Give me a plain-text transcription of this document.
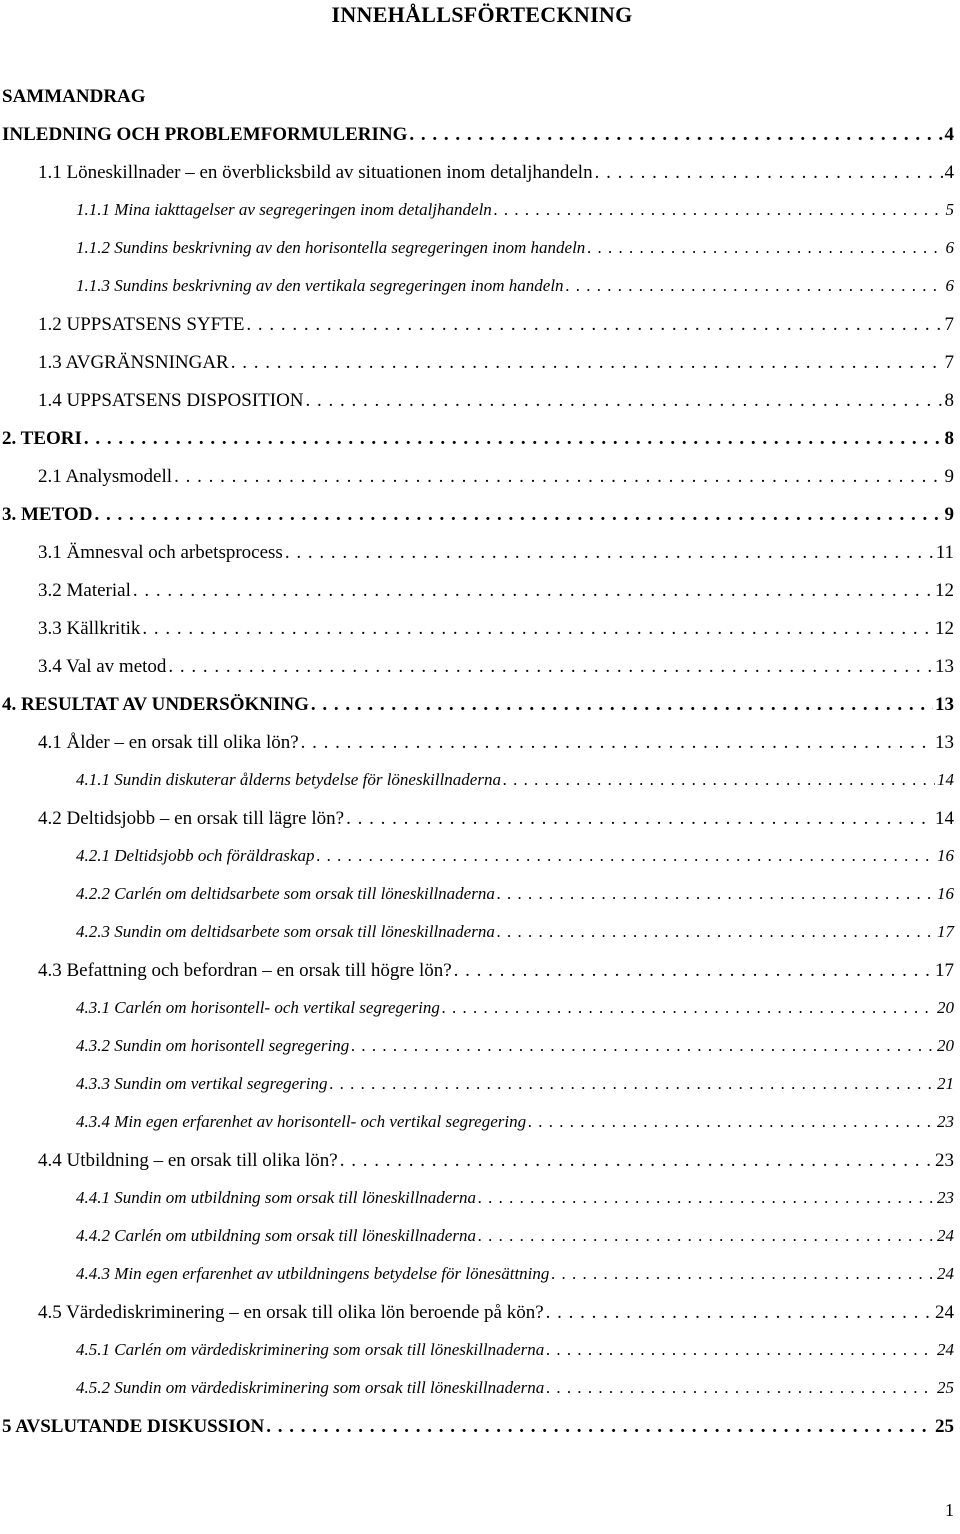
INNEHÅLLSFÖRTECKNING
SAMMANDRAG
INLEDNING OCH PROBLEMFORMULERING . . .	4
1.1 Löneskillnader – en överblicksbild av situationen inom detaljhandeln . . .	4
1.1.1 Mina iakttagelser av segregeringen inom detaljhandeln . . .	5
1.1.2 Sundins beskrivning av den horisontella segregeringen inom handeln . . .	6
1.1.3 Sundins beskrivning av den vertikala segregeringen inom handeln . . .	6
1.2 UPPSATSENS SYFTE . . .	7
1.3 AVGRÄNSNINGAR . . .	7
1.4 UPPSATSENS DISPOSITION . . .	8
2. TEORI . . .	8
2.1 Analysmodell . . .	9
3. METOD . . .	9
3.1 Ämnesval och arbetsprocess . . .	11
3.2 Material . . .	12
3.3 Källkritik . . .	12
3.4 Val av metod . . .	13
4. RESULTAT AV UNDERSÖKNING . . .	13
4.1 Ålder – en orsak till olika lön? . . .	13
4.1.1 Sundin diskuterar ålderns betydelse för löneskillnaderna . . .	14
4.2 Deltidsjobb – en orsak till lägre lön? . . .	14
4.2.1 Deltidsjobb och föräldraskap . . .	16
4.2.2 Carlén om deltidsarbete som orsak till löneskillnaderna . . .	16
4.2.3 Sundin om deltidsarbete som orsak till löneskillnaderna . . .	17
4.3 Befattning och befordran – en orsak till högre lön? . . .	17
4.3.1 Carlén om horisontell- och vertikal segregering . . .	20
4.3.2 Sundin om horisontell segregering . . .	20
4.3.3 Sundin om vertikal segregering . . .	21
4.3.4 Min egen erfarenhet av horisontell- och vertikal segregering . . .	23
4.4 Utbildning – en orsak till olika lön? . . .	23
4.4.1 Sundin om utbildning som orsak till löneskillnaderna . . .	23
4.4.2 Carlén om utbildning som orsak till löneskillnaderna . . .	24
4.4.3 Min egen erfarenhet av utbildningens betydelse för lönesättning . . .	24
4.5 Värdediskriminering – en orsak till olika lön beroende på kön? . . .	24
4.5.1 Carlén om värdediskriminering som orsak till löneskillnaderna . . .	24
4.5.2 Sundin om värdediskriminering som orsak till löneskillnaderna . . .	25
5 AVSLUTANDE DISKUSSION . . .	25
1
